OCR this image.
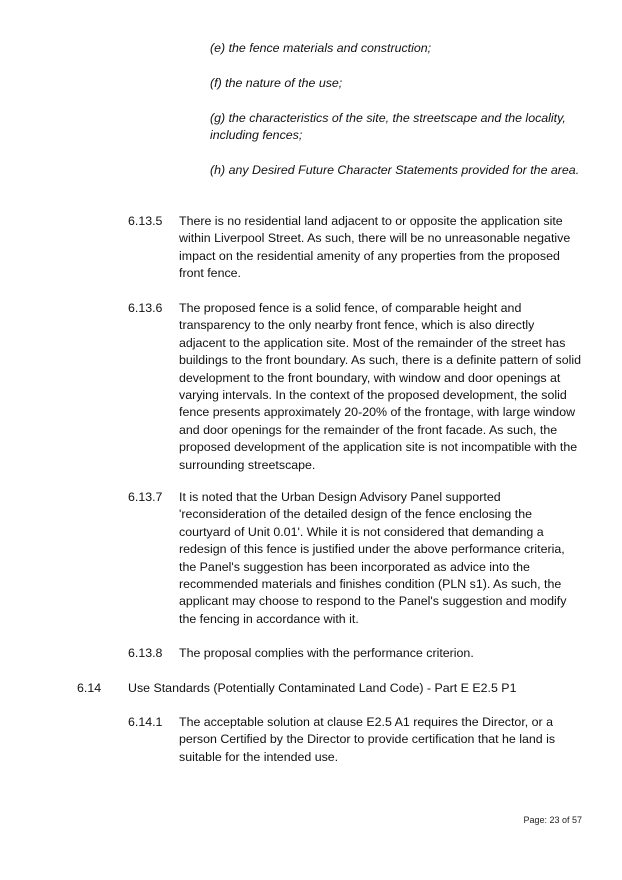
(e) the fence materials and construction;
(f) the nature of the use;
(g) the characteristics of the site, the streetscape and the locality, including fences;
(h) any Desired Future Character Statements provided for the area.
6.13.5 There is no residential land adjacent to or opposite the application site within Liverpool Street. As such, there will be no unreasonable negative impact on the residential amenity of any properties from the proposed front fence.
6.13.6 The proposed fence is a solid fence, of comparable height and transparency to the only nearby front fence, which is also directly adjacent to the application site. Most of the remainder of the street has buildings to the front boundary. As such, there is a definite pattern of solid development to the front boundary, with window and door openings at varying intervals. In the context of the proposed development, the solid fence presents approximately 20-20% of the frontage, with large window and door openings for the remainder of the front facade. As such, the proposed development of the application site is not incompatible with the surrounding streetscape.
6.13.7 It is noted that the Urban Design Advisory Panel supported 'reconsideration of the detailed design of the fence enclosing the courtyard of Unit 0.01'. While it is not considered that demanding a redesign of this fence is justified under the above performance criteria, the Panel's suggestion has been incorporated as advice into the recommended materials and finishes condition (PLN s1). As such, the applicant may choose to respond to the Panel's suggestion and modify the fencing in accordance with it.
6.13.8 The proposal complies with the performance criterion.
6.14 Use Standards (Potentially Contaminated Land Code) - Part E E2.5 P1
6.14.1 The acceptable solution at clause E2.5 A1 requires the Director, or a person Certified by the Director to provide certification that he land is suitable for the intended use.
Page: 23 of 57
